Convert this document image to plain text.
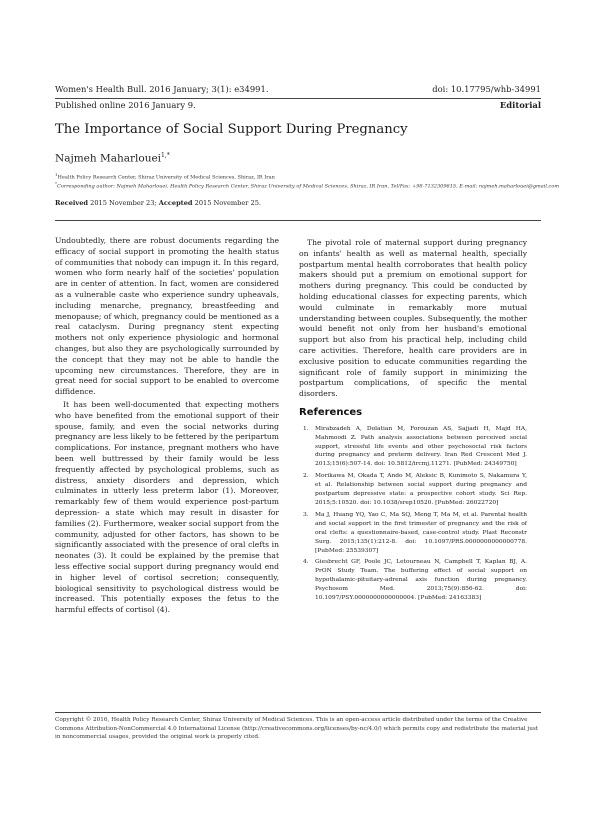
Women's Health Bull. 2016 January; 3(1): e34991.	doi: 10.17795/whb-34991
Published online 2016 January 9.	Editorial
The Importance of Social Support During Pregnancy
Najmeh Maharlouei$^{1,*}$
$^1$Health Policy Research Center, Shiraz University of Medical Sciences, Shiraz, IR Iran
*Corresponding author: Najmeh Maharlouei, Health Policy Research Center, Shiraz University of Medical Sciences, Shiraz, IR Iran. Tel/Fax: +98-7132309615, E-mail: najmeh.maharlouei@gmail.com
Received 2015 November 23; Accepted 2015 November 25.

Undoubtedly, there are robust documents regarding the efficacy of social support in promoting the health status of communities that nobody can impugn it. In this regard, women who form nearly half of the societies' population are in center of attention. In fact, women are considered as a vulnerable caste who experience sundry upheavals, including menarche, pregnancy, breastfeeding and menopause; of which, pregnancy could be mentioned as a real cataclysm. During pregnancy stent expecting mothers not only experience physiologic and hormonal changes, but also they are psychologically surrounded by the concept that they may not be able to handle the upcoming new circumstances. Therefore, they are in great need for social support to be enabled to overcome diffidence.

It has been well-documented that expecting mothers who have benefited from the emotional support of their spouse, family, and even the social networks during pregnancy are less likely to be fettered by the peripartum complications. For instance, pregnant mothers who have been well buttressed by their family would be less frequently affected by psychological problems, such as distress, anxiety disorders and depression, which culminates in utterly less preterm labor (1). Moreover, remarkably few of them would experience post-partum depression- a state which may result in disaster for families (2). Furthermore, weaker social support from the community, adjusted for other factors, has shown to be significantly associated with the presence of oral clefts in neonates (3). It could be explained by the premise that less effective social support during pregnancy would end in higher level of cortisol secretion; consequently, biological sensitivity to psychological distress would be increased. This potentially exposes the fetus to the harmful effects of cortisol (4).

The pivotal role of maternal support during pregnancy on infants' health as well as maternal health, specially postpartum mental health corroborates that health policy makers should put a premium on emotional support for mothers during pregnancy. This could be conducted by holding educational classes for expecting parents, which would culminate in remarkably more mutual understanding between couples. Subsequently, the mother would benefit not only from her husband's emotional support but also from his practical help, including child care activities. Therefore, health care providers are in exclusive position to educate communities regarding the significant role of family support in minimizing the postpartum complications, of specific the mental disorders.

References
1. Mirabzadeh A, Dolatian M, Forouzan AS, Sajjadi H, Majd HA, Mahmoodi Z. Path analysis associations between perceived social support, stressful life events and other psychosocial risk factors during pregnancy and preterm delivery. Iran Red Crescent Med J. 2013;15(6):507-14. doi: 10.5812/ircmj.11271. [PubMed: 24349750]
2. Morikawa M, Okada T, Ando M, Aleksic B, Kunimoto S, Nakamura Y, et al. Relationship between social support during pregnancy and postpartum depressive state: a prospective cohort study. Sci Rep. 2015;5:10520. doi: 10.1038/srep10520. [PubMed: 26022720]
3. Ma J, Huang YQ, Yao C, Ma SQ, Meng T, Ma M, et al. Parental health and social support in the first trimester of pregnancy and the risk of oral clefts: a questionnaire-based, case-control study. Plast Reconstr Surg. 2015;135(1):212-8. doi: 10.1097/PRS.0000000000000778. [PubMed: 25539307]
4. Giesbrecht GF, Poole JC, Letourneau N, Campbell T, Kaplan BJ, A. PrON Study Team. The buffering effect of social support on hypothalamic-pituitary-adrenal axis function during pregnancy. Psychosom Med. 2013;75(9):856-62. doi: 10.1097/PSY.0000000000000004. [PubMed: 24163383]
Copyright © 2016, Health Policy Research Center, Shiraz University of Medical Sciences. This is an open-access article distributed under the terms of the Creative Commons Attribution-NonCommercial 4.0 International License (http://creativecommons.org/licenses/by-nc/4.0/) which permits copy and redistribute the material just in noncommercial usages, provided the original work is properly cited.
